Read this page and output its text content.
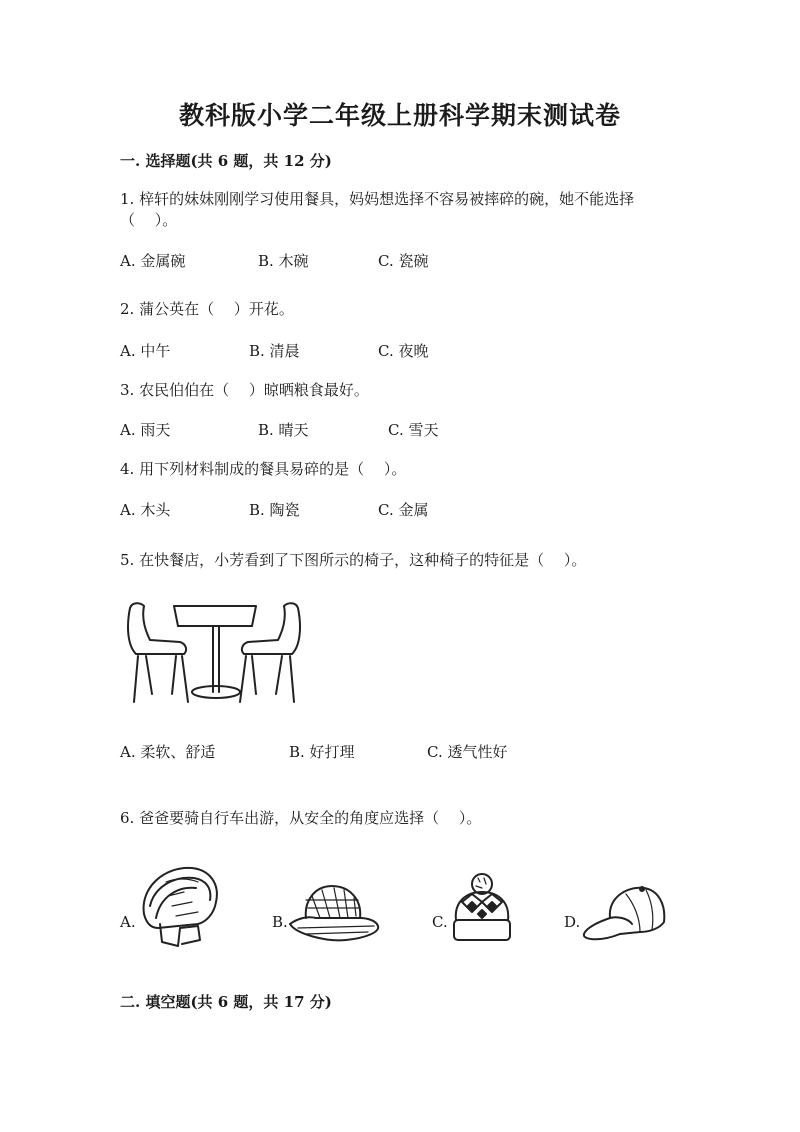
教科版小学二年级上册科学期末测试卷
一. 选择题(共 6 题，共 12 分)
1. 梓轩的妹妹刚刚学习使用餐具，妈妈想选择不容易被摔碎的碗，她不能选择
（　 ）。
A. 金属碗	B. 木碗	C. 瓷碗
2. 蒲公英在（　 ）开花。
A. 中午	B. 清晨	C. 夜晚
3. 农民伯伯在（　 ）晾晒粮食最好。
A. 雨天	B. 晴天	C. 雪天
4. 用下列材料制成的餐具易碎的是（　 ）。
A. 木头	B. 陶瓷	C. 金属
5. 在快餐店，小芳看到了下图所示的椅子，这种椅子的特征是（　 ）。
A. 柔软、舒适	B. 好打理	C. 透气性好
6. 爸爸要骑自行车出游，从安全的角度应选择（　 ）。
A.	B.	C.	D.
二. 填空题(共 6 题，共 17 分)
